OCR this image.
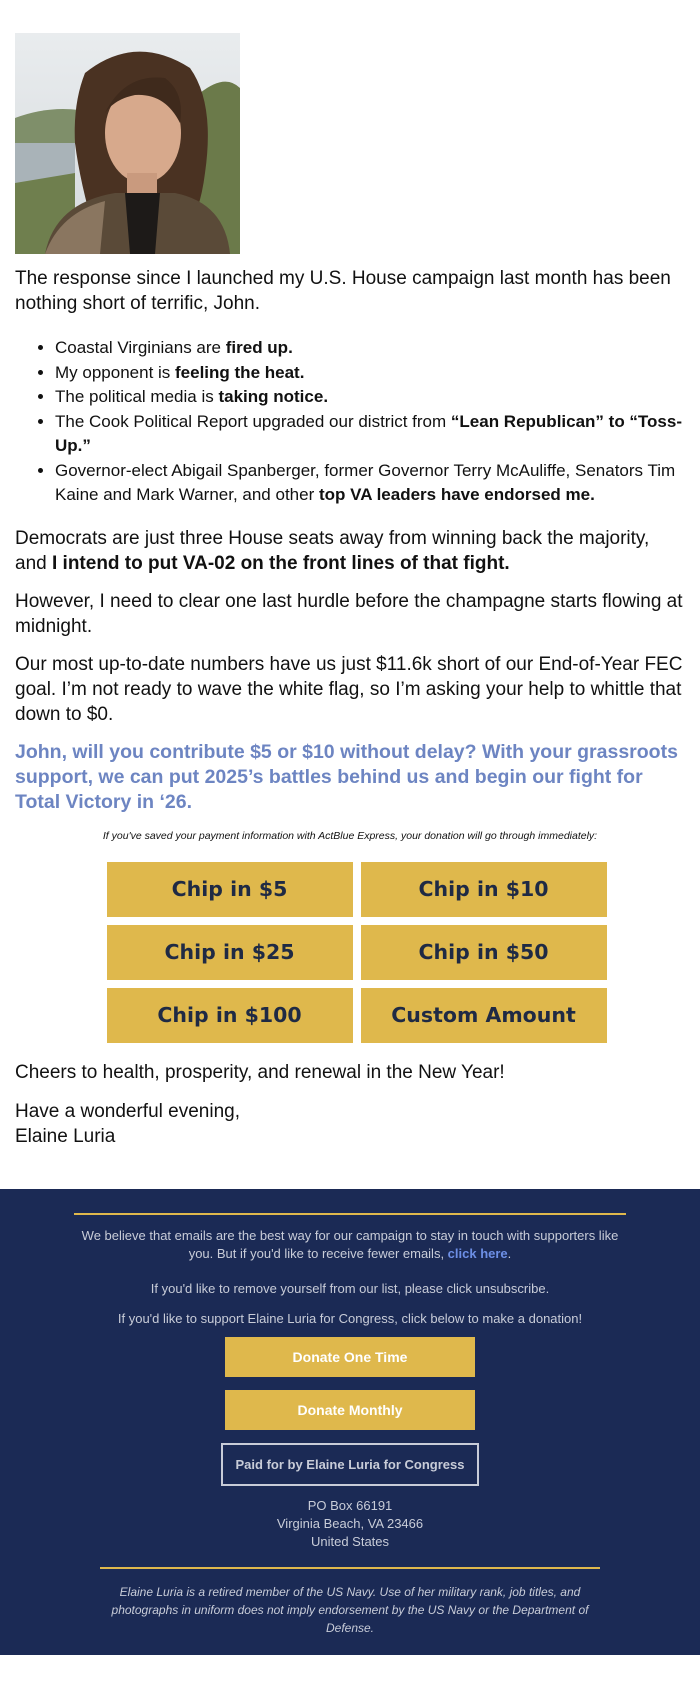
The response since I launched my U.S. House campaign last month has been nothing short of terrific, John.

• Coastal Virginians are fired up.
• My opponent is feeling the heat.
• The political media is taking notice.
• The Cook Political Report upgraded our district from “Lean Republican” to “Toss-Up.”
• Governor-elect Abigail Spanberger, former Governor Terry McAuliffe, Senators Tim Kaine and Mark Warner, and other top VA leaders have endorsed me.

Democrats are just three House seats away from winning back the majority, and I intend to put VA-02 on the front lines of that fight.

However, I need to clear one last hurdle before the champagne starts flowing at midnight.

Our most up-to-date numbers have us just $11.6k short of our End-of-Year FEC goal. I’m not ready to wave the white flag, so I’m asking your help to whittle that down to $0.

John, will you contribute $5 or $10 without delay? With your grassroots support, we can put 2025’s battles behind us and begin our fight for Total Victory in ‘26.

If you've saved your payment information with ActBlue Express, your donation will go through immediately:

Chip in $5	Chip in $10
Chip in $25	Chip in $50
Chip in $100	Custom Amount

Cheers to health, prosperity, and renewal in the New Year!

Have a wonderful evening,
Elaine Luria

We believe that emails are the best way for our campaign to stay in touch with supporters like you. But if you'd like to receive fewer emails, click here.

If you'd like to remove yourself from our list, please click unsubscribe.

If you'd like to support Elaine Luria for Congress, click below to make a donation!

Donate One Time
Donate Monthly
Paid for by Elaine Luria for Congress
PO Box 66191
Virginia Beach, VA 23466
United States

Elaine Luria is a retired member of the US Navy. Use of her military rank, job titles, and photographs in uniform does not imply endorsement by the US Navy or the Department of Defense.
